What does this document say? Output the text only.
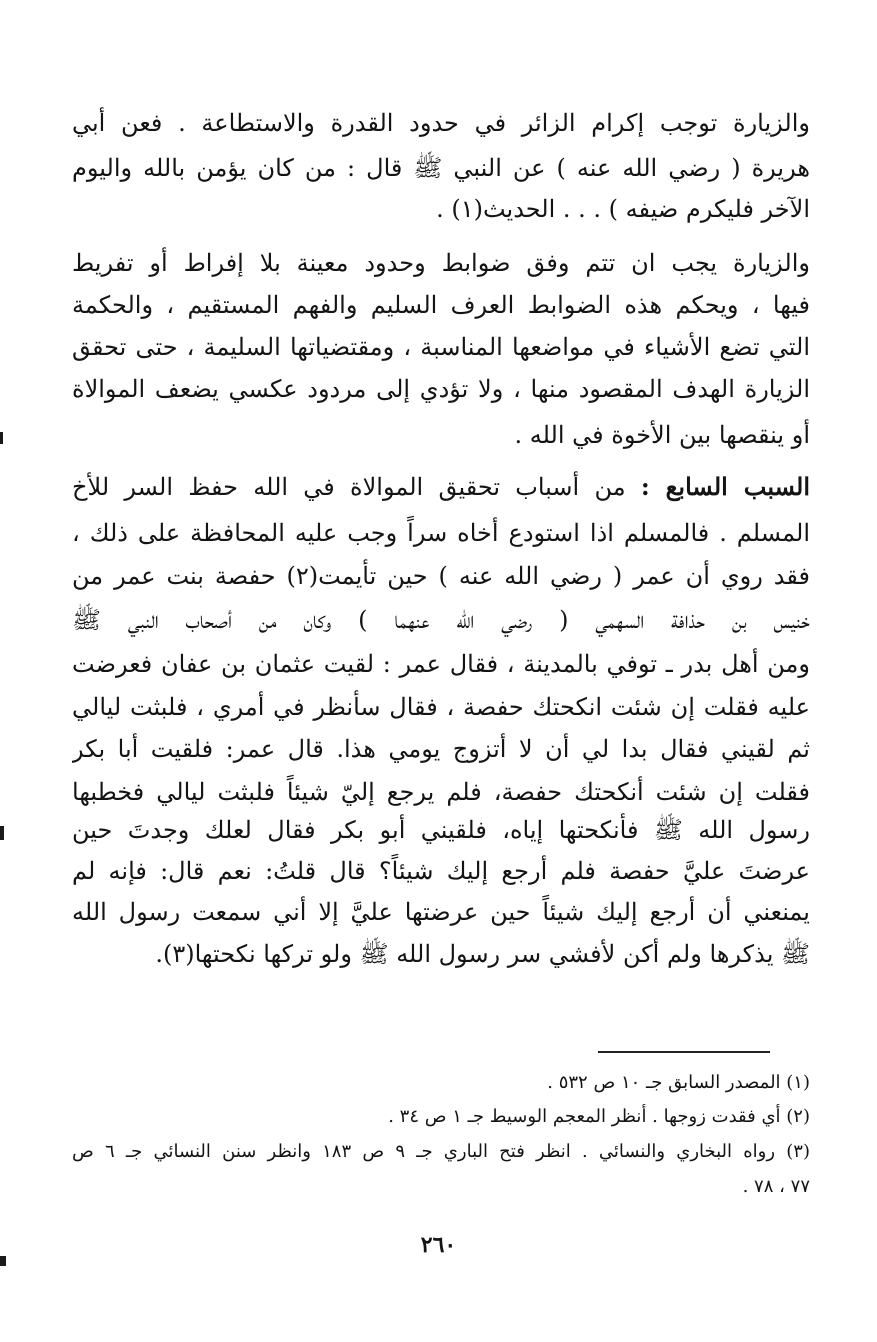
والزيارة توجب إكرام الزائر في حدود القدرة والاستطاعة . فعن أبي
هريرة ( رضي الله عنه ) عن النبي ﷺ قال : من كان يؤمن بالله واليوم
الآخر فليكرم ضيفه ) . . . الحديث(١) .
والزيارة يجب ان تتم وفق ضوابط وحدود معينة بلا إفراط أو تفريط
فيها ، ويحكم هذه الضوابط العرف السليم والفهم المستقيم ، والحكمة
التي تضع الأشياء في مواضعها المناسبة ، ومقتضياتها السليمة ، حتى تحقق
الزيارة الهدف المقصود منها ، ولا تؤدي إلى مردود عكسي يضعف الموالاة
أو ينقصها بين الأخوة في الله .
السبب السابع : من أسباب تحقيق الموالاة في الله حفظ السر للأخ
المسلم . فالمسلم اذا استودع أخاه سراً وجب عليه المحافظة على ذلك ،
فقد روي أن عمر ( رضي الله عنه ) حين تأيمت(٢) حفصة بنت عمر من
خنيس بن حذافة السهمي ( رضي الله عنهما ) وكان من أصحاب النبي ﷺ
ومن أهل بدر ـ توفي بالمدينة ، فقال عمر : لقيت عثمان بن عفان فعرضت
عليه فقلت إن شئت انكحتك حفصة ، فقال سأنظر في أمري ، فلبثت ليالي
ثم لقيني فقال بدا لي أن لا أتزوج يومي هذا. قال عمر: فلقيت أبا بكر
فقلت إن شئت أنكحتك حفصة، فلم يرجع إليّ شيئاً فلبثت ليالي فخطبها
رسول الله ﷺ فأنكحتها إياه، فلقيني أبو بكر فقال لعلك وجدتَ حين
عرضتَ عليَّ حفصة فلم أرجع إليك شيئاً؟ قال قلتُ: نعم قال: فإنه لم
يمنعني أن أرجع إليك شيئاً حين عرضتها عليَّ إلا أني سمعت رسول الله
ﷺ يذكرها ولم أكن لأفشي سر رسول الله ﷺ ولو تركها نكحتها(٣).
(١) المصدر السابق جـ ١٠ ص ٥٣٢ .
(٢) أي فقدت زوجها . أنظر المعجم الوسيط جـ ١ ص ٣٤ .
(٣) رواه البخاري والنسائي . انظر فتح الباري جـ ٩ ص ١٨٣ وانظر سنن النسائي جـ ٦ ص
٧٧ ، ٧٨ .
٢٦٠
